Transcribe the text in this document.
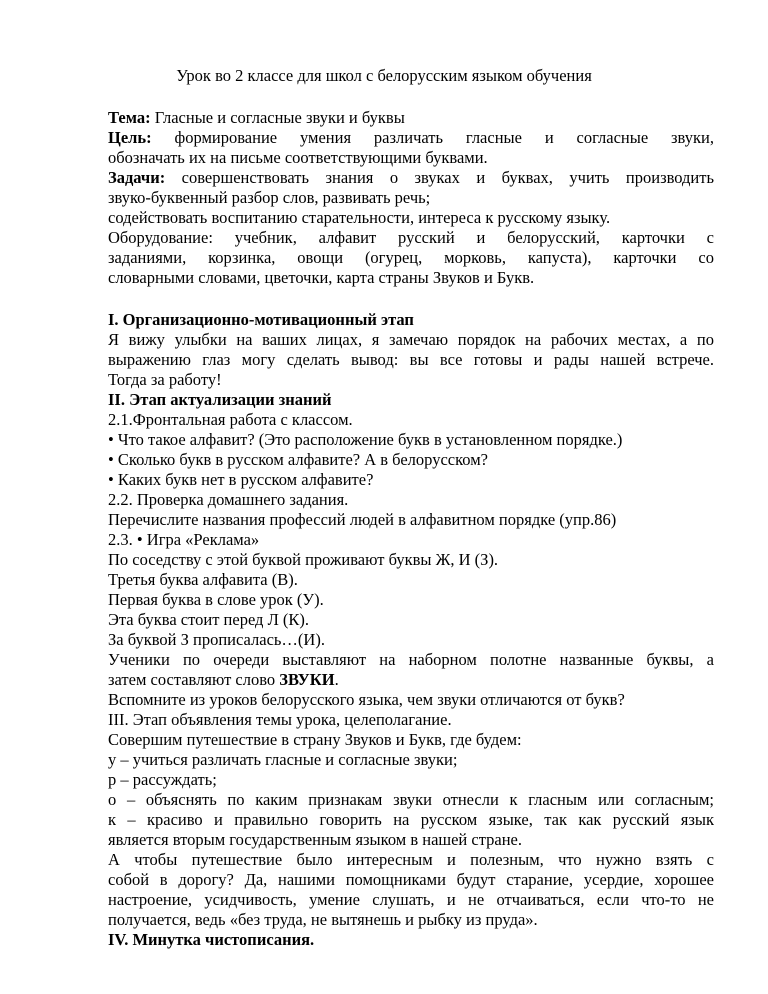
Урок во 2 классе для школ с белорусским языком обучения
Тема: Гласные и согласные звуки и буквы
Цель: формирование умения различать гласные и согласные звуки,
обозначать их на письме соответствующими буквами.
Задачи: совершенствовать знания о звуках и буквах, учить производить
звуко-буквенный разбор слов, развивать речь;
содействовать воспитанию старательности, интереса к русскому языку.
Оборудование: учебник, алфавит русский и белорусский, карточки с
заданиями, корзинка, овощи (огурец, морковь, капуста), карточки со
словарными словами, цветочки, карта страны Звуков и Букв.
I. Организационно-мотивационный этап
Я вижу улыбки на ваших лицах, я замечаю порядок на рабочих местах, а по
выражению глаз могу сделать вывод: вы все готовы и рады нашей встрече.
Тогда за работу!
II. Этап актуализации знаний
2.1.Фронтальная работа с классом.
• Что такое алфавит? (Это расположение букв в установленном порядке.)
• Сколько букв в русском алфавите? А в белорусском?
• Каких букв нет в русском алфавите?
2.2. Проверка домашнего задания.
Перечислите названия профессий людей в алфавитном порядке (упр.86)
2.3. • Игра «Реклама»
По соседству с этой буквой проживают буквы Ж, И (З).
Третья буква алфавита (В).
Первая буква в слове урок (У).
Эта буква стоит перед Л (К).
За буквой З прописалась…(И).
Ученики по очереди выставляют на наборном полотне названные буквы, а
затем составляют слово ЗВУКИ.
Вспомните из уроков белорусского языка, чем звуки отличаются от букв?
III. Этап объявления темы урока, целеполагание.
Совершим путешествие в страну Звуков и Букв, где будем:
у – учиться различать гласные и согласные звуки;
р – рассуждать;
о – объяснять по каким признакам звуки отнесли к гласным или согласным;
к – красиво и правильно говорить на русском языке, так как русский язык
является вторым государственным языком в нашей стране.
А чтобы путешествие было интересным и полезным, что нужно взять с
собой в дорогу? Да, нашими помощниками будут старание, усердие, хорошее
настроение, усидчивость, умение слушать, и не отчаиваться, если что-то не
получается, ведь «без труда, не вытянешь и рыбку из пруда».
IV. Минутка чистописания.
